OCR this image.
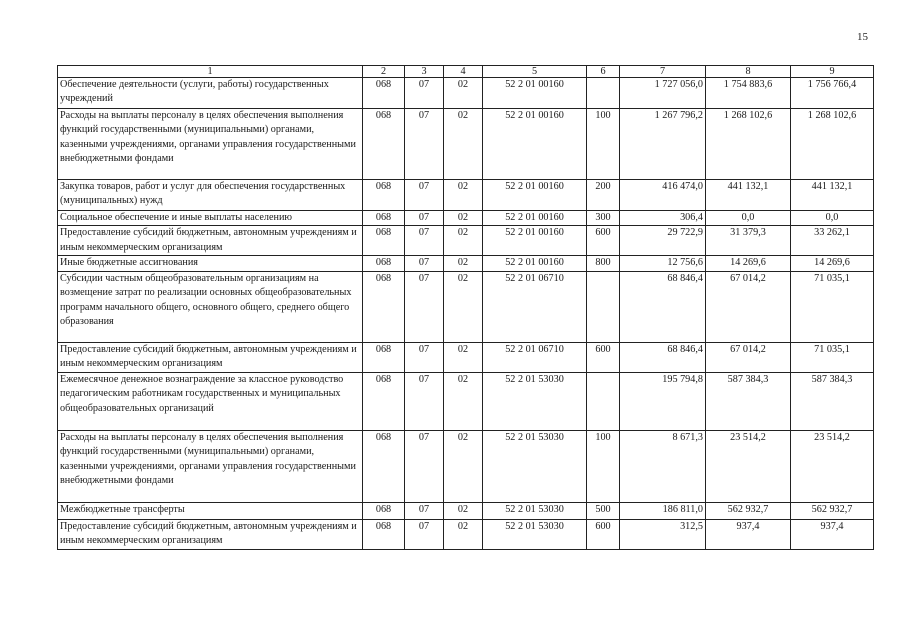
15
1	2	3	4	5	6	7	8	9
Обеспечение деятельности (услуги, работы) государственных учреждений	068	07	02	52 2 01 00160		1 727 056,0	1 754 883,6	1 756 766,4
Расходы на выплаты персоналу в целях обеспечения выполнения функций государственными (муниципальными) органами, казенными учреждениями, органами управления государственными внебюджетными фондами	068	07	02	52 2 01 00160	100	1 267 796,2	1 268 102,6	1 268 102,6
Закупка товаров, работ и услуг для обеспечения государственных (муниципальных) нужд	068	07	02	52 2 01 00160	200	416 474,0	441 132,1	441 132,1
Социальное обеспечение и иные выплаты населению	068	07	02	52 2 01 00160	300	306,4	0,0	0,0
Предоставление субсидий бюджетным, автономным учреждениям и иным некоммерческим организациям	068	07	02	52 2 01 00160	600	29 722,9	31 379,3	33 262,1
Иные бюджетные ассигнования	068	07	02	52 2 01 00160	800	12 756,6	14 269,6	14 269,6
Субсидии частным общеобразовательным организациям на возмещение затрат по реализации основных общеобразовательных программ начального общего, основного общего, среднего общего образования	068	07	02	52 2 01 06710		68 846,4	67 014,2	71 035,1
Предоставление субсидий бюджетным, автономным учреждениям и иным некоммерческим организациям	068	07	02	52 2 01 06710	600	68 846,4	67 014,2	71 035,1
Ежемесячное денежное вознаграждение за классное руководство педагогическим работникам государственных и муниципальных общеобразовательных организаций	068	07	02	52 2 01 53030		195 794,8	587 384,3	587 384,3
Расходы на выплаты персоналу в целях обеспечения выполнения функций государственными (муниципальными) органами, казенными учреждениями, органами управления государственными внебюджетными фондами	068	07	02	52 2 01 53030	100	8 671,3	23 514,2	23 514,2
Межбюджетные трансферты	068	07	02	52 2 01 53030	500	186 811,0	562 932,7	562 932,7
Предоставление субсидий бюджетным, автономным учреждениям и иным некоммерческим организациям	068	07	02	52 2 01 53030	600	312,5	937,4	937,4
